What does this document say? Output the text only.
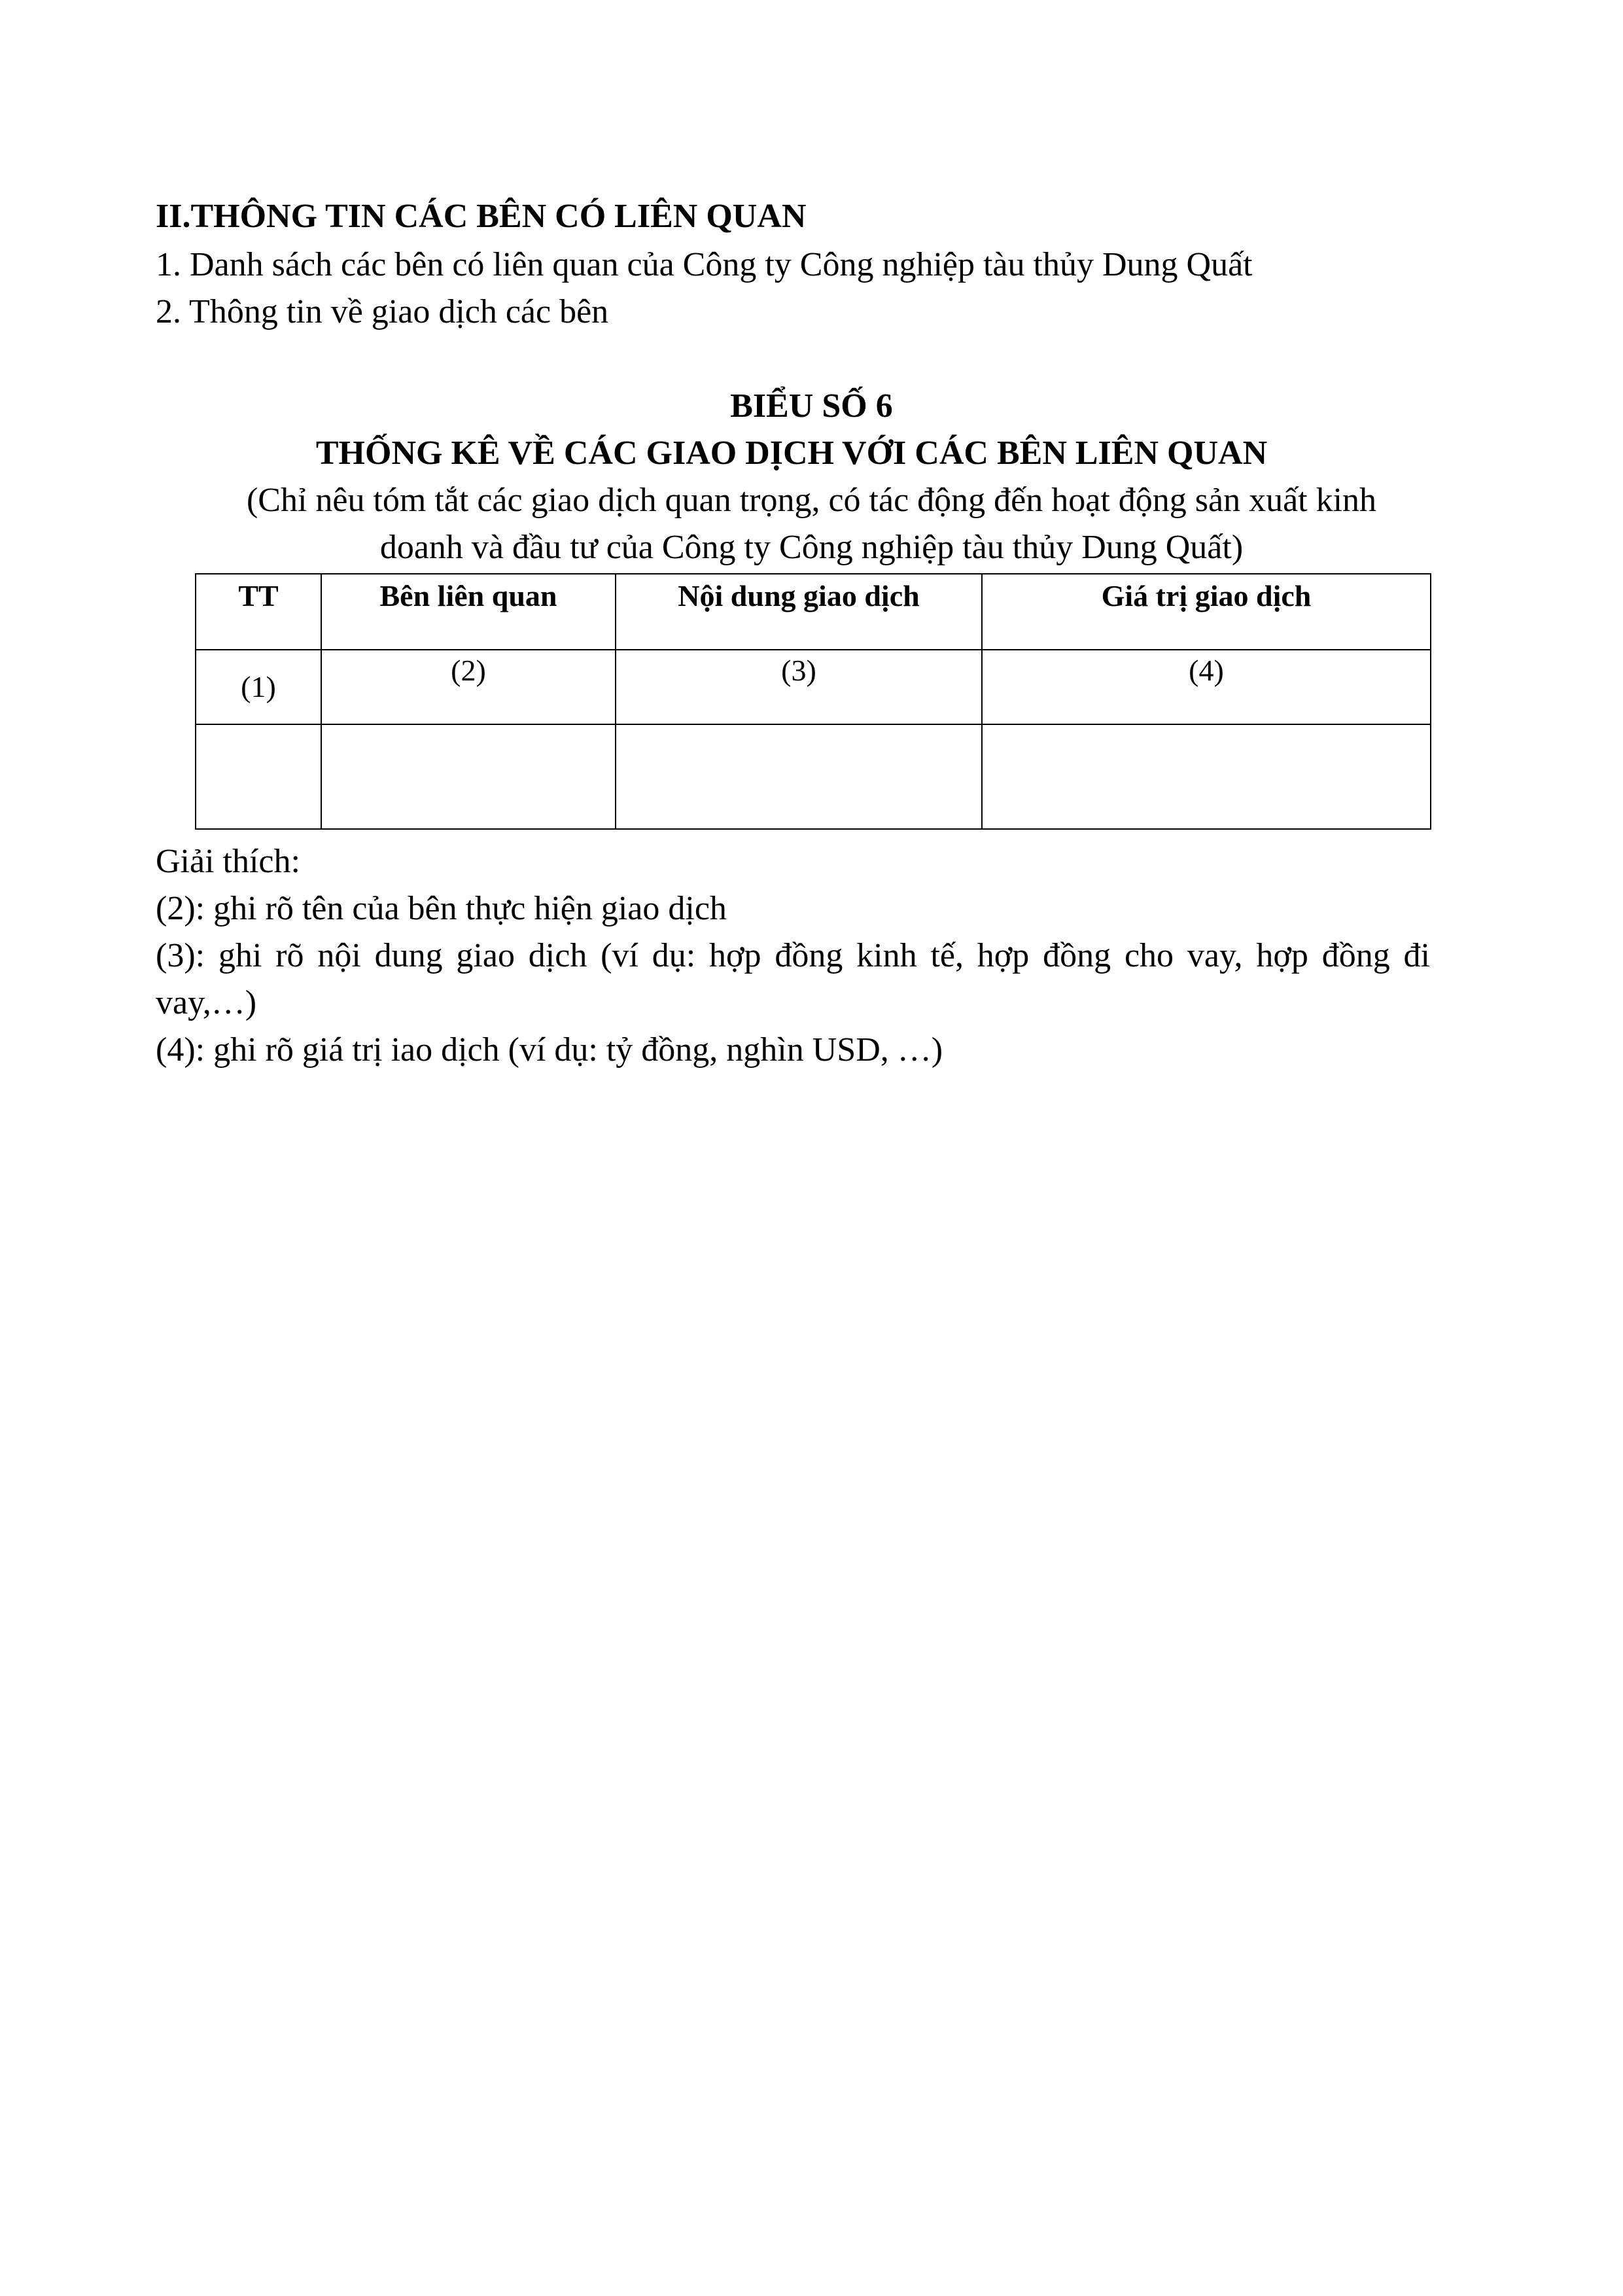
II.THÔNG TIN CÁC BÊN CÓ LIÊN QUAN
1. Danh sách các bên có liên quan của Công ty Công nghiệp tàu thủy Dung Quất
2. Thông tin về giao dịch các bên
BIỂU SỐ 6
THỐNG KÊ VỀ CÁC GIAO DỊCH VỚI CÁC BÊN LIÊN QUAN
(Chỉ nêu tóm tắt các giao dịch quan trọng, có tác động đến hoạt động sản xuất kinh
doanh và đầu tư của Công ty Công nghiệp tàu thủy Dung Quất)
TT	Bên liên quan	Nội dung giao dịch	Giá trị giao dịch
(1)	(2)	(3)	(4)

Giải thích:
(2): ghi rõ tên của bên thực hiện giao dịch
(3): ghi rõ nội dung giao dịch (ví dụ: hợp đồng kinh tế, hợp đồng cho vay, hợp đồng đi
vay,…)
(4): ghi rõ giá trị iao dịch (ví dụ: tỷ đồng, nghìn USD, …)
